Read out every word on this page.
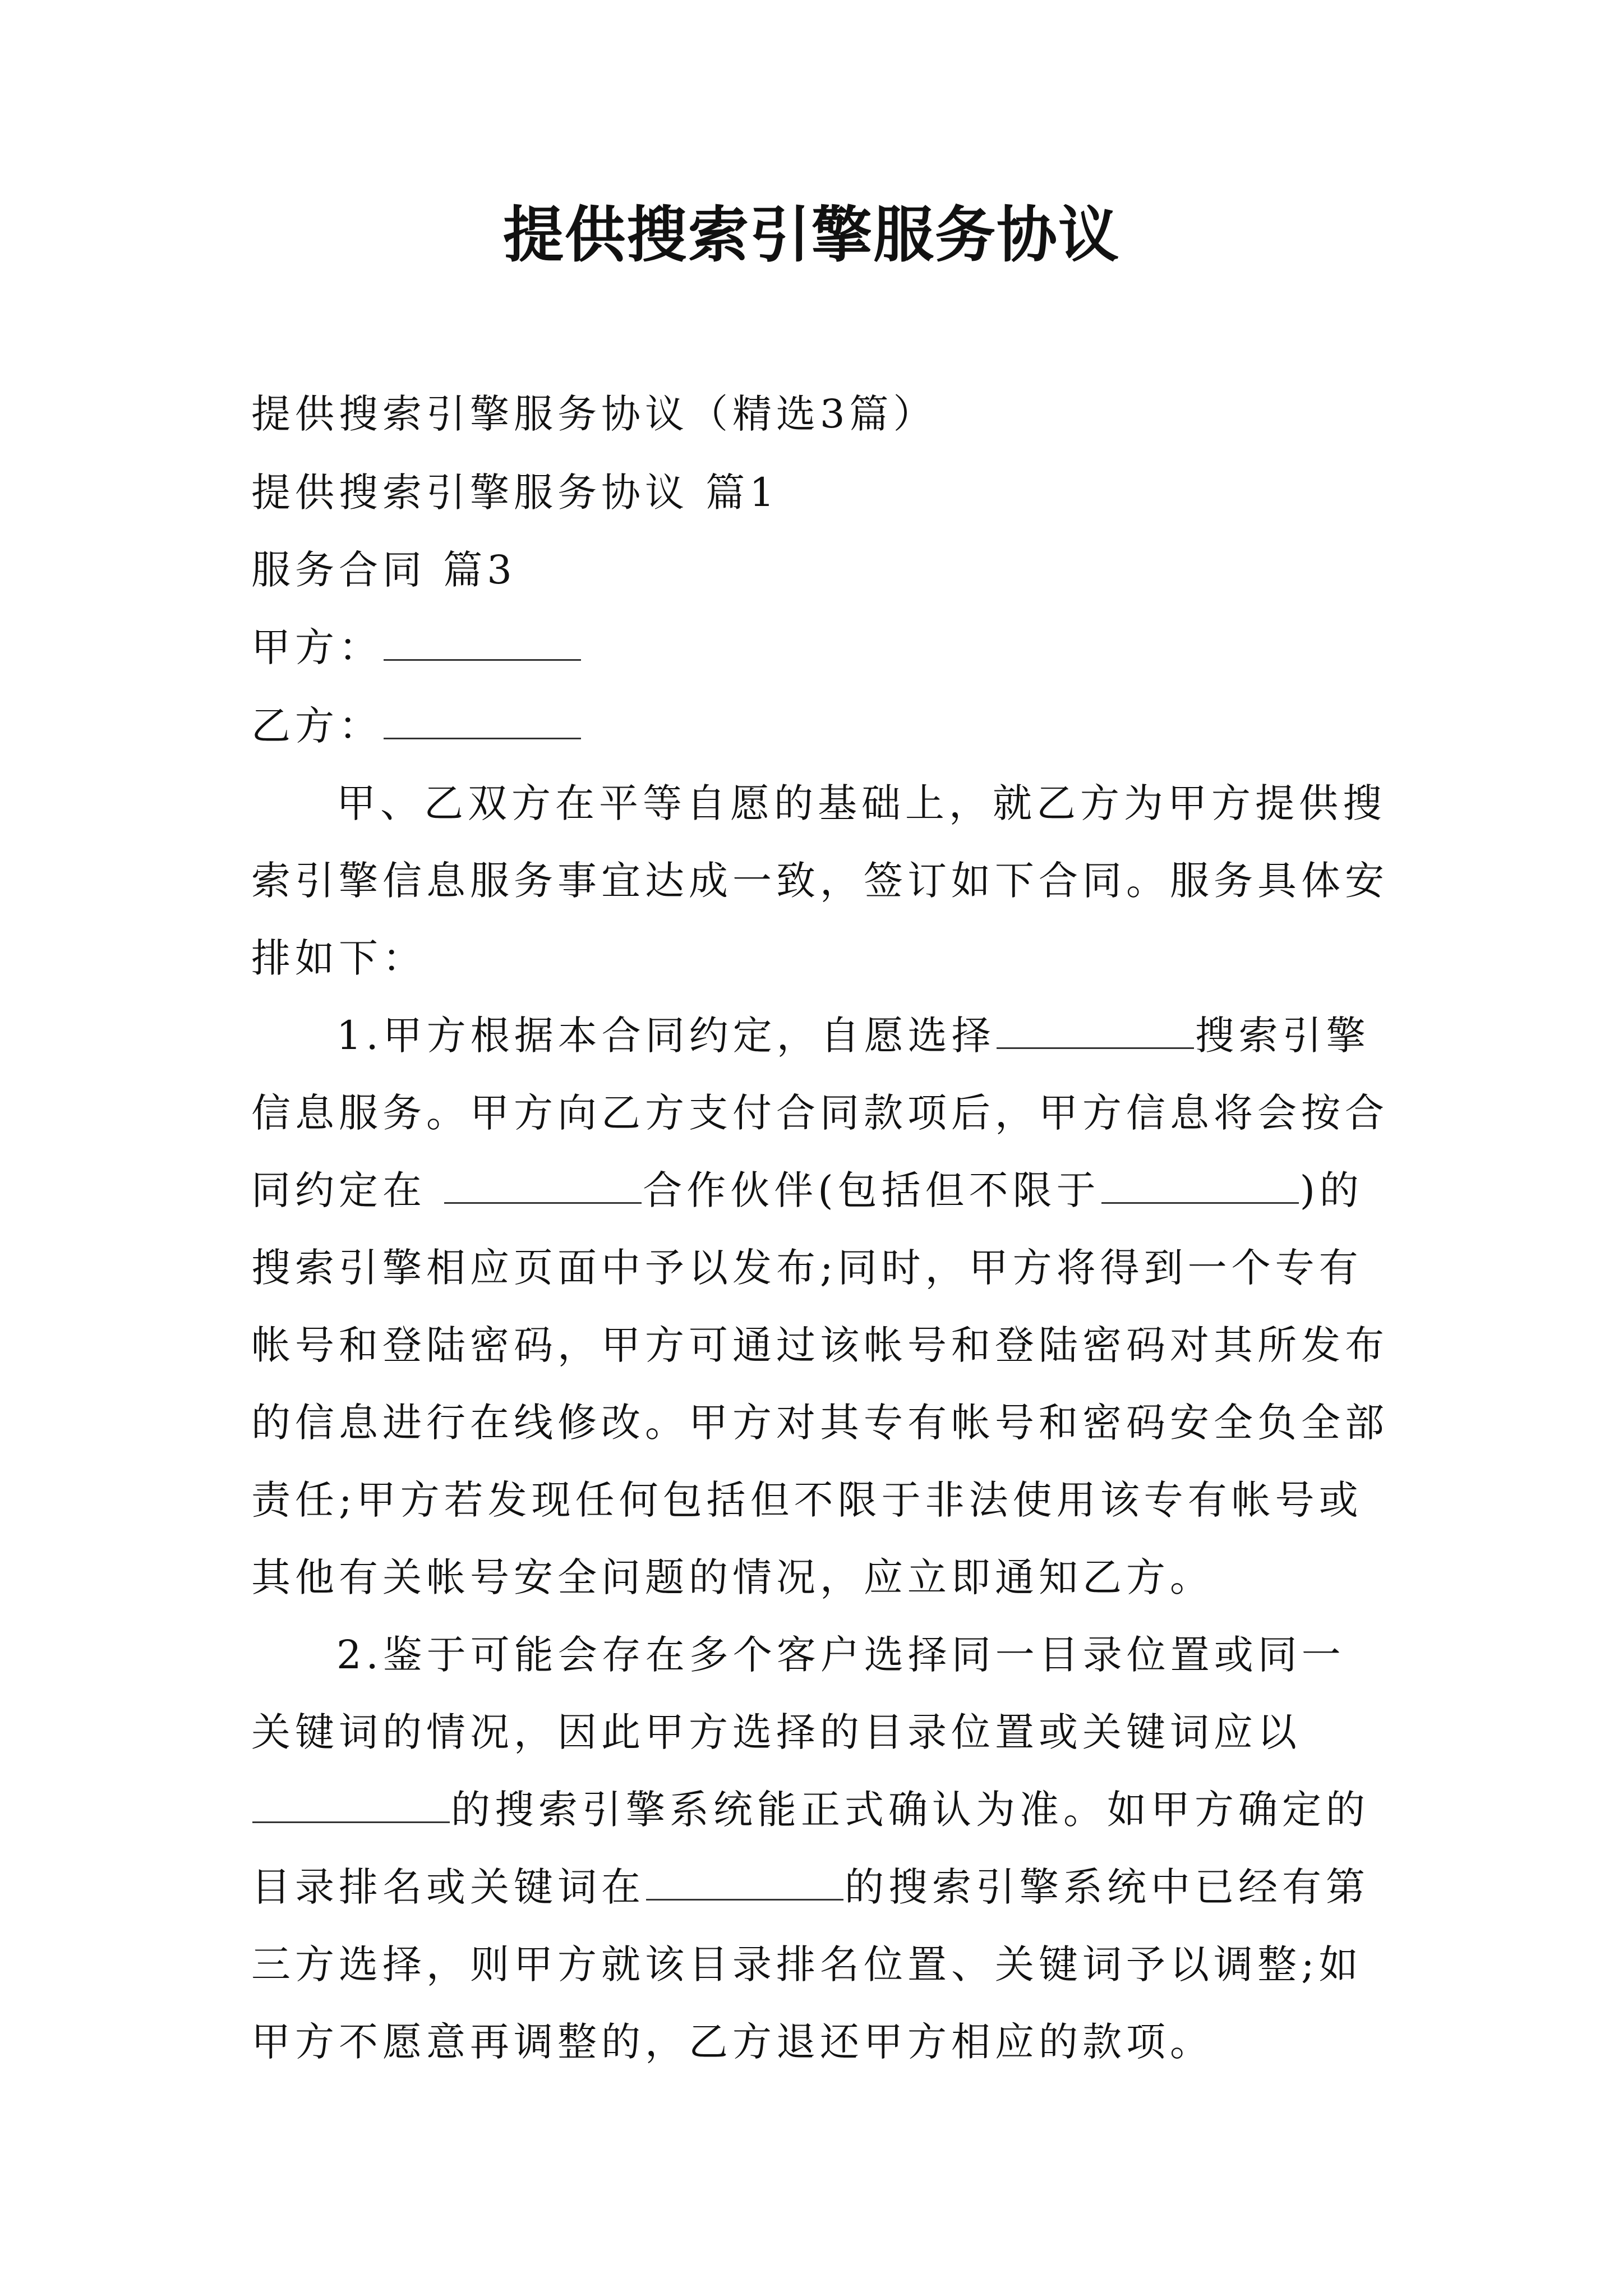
提供搜索引擎服务协议
提供搜索引擎服务协议（精选3篇）
提供搜索引擎服务协议 篇1
服务合同 篇3
甲方：
乙方：
甲、乙双方在平等自愿的基础上，就乙方为甲方提供搜
索引擎信息服务事宜达成一致，签订如下合同。服务具体安
排如下：
1.甲方根据本合同约定，自愿选择	搜索引擎
信息服务。甲方向乙方支付合同款项后，甲方信息将会按合
同约定在	合作伙伴(包括但不限于	)的
搜索引擎相应页面中予以发布;同时，甲方将得到一个专有
帐号和登陆密码，甲方可通过该帐号和登陆密码对其所发布
的信息进行在线修改。甲方对其专有帐号和密码安全负全部
责任;甲方若发现任何包括但不限于非法使用该专有帐号或
其他有关帐号安全问题的情况，应立即通知乙方。
2.鉴于可能会存在多个客户选择同一目录位置或同一
关键词的情况，因此甲方选择的目录位置或关键词应以
的搜索引擎系统能正式确认为准。如甲方确定的
目录排名或关键词在	的搜索引擎系统中已经有第
三方选择，则甲方就该目录排名位置、关键词予以调整;如
甲方不愿意再调整的，乙方退还甲方相应的款项。
